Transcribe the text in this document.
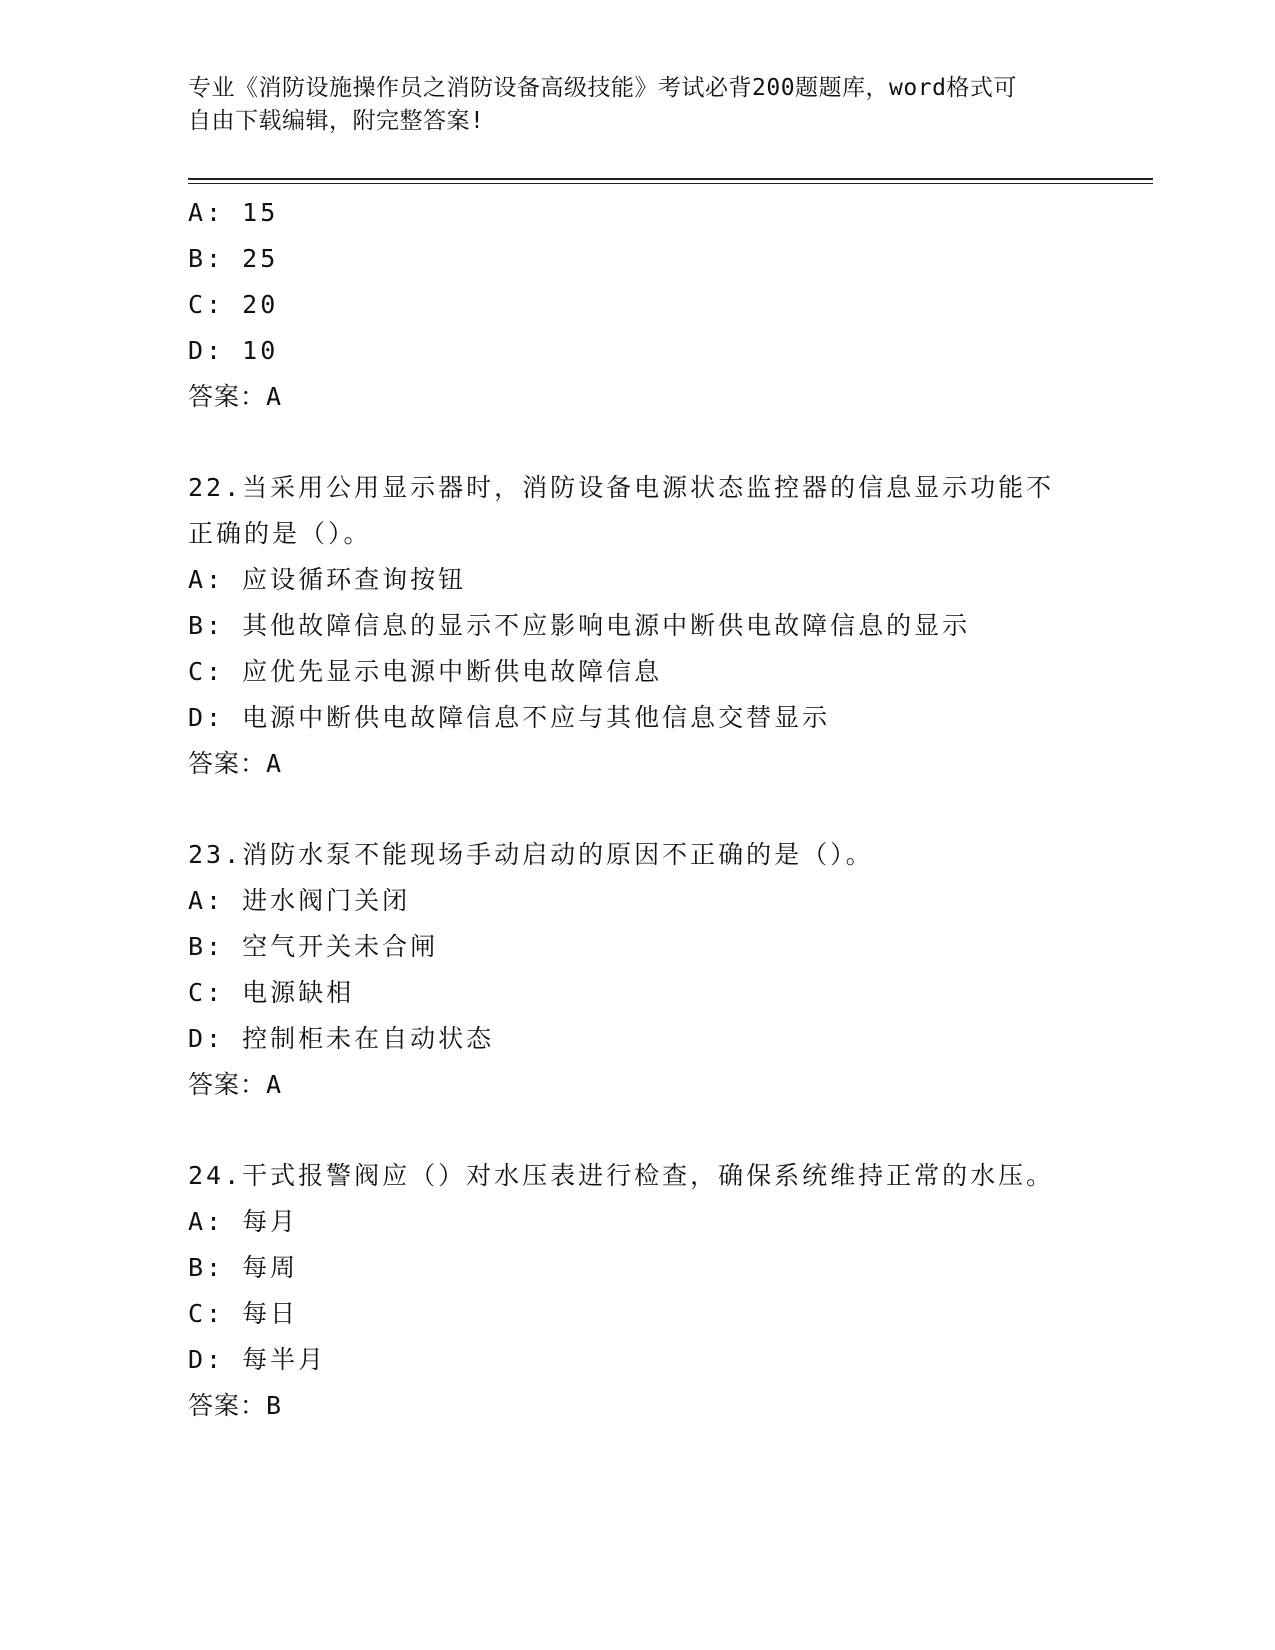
专业《消防设施操作员之消防设备高级技能》考试必背200题题库，word格式可
自由下载编辑，附完整答案!
A: 15
B: 25
C: 20
D: 10
答案：A
22.当采用公用显示器时，消防设备电源状态监控器的信息显示功能不
正确的是（）。
A: 应设循环查询按钮
B: 其他故障信息的显示不应影响电源中断供电故障信息的显示
C: 应优先显示电源中断供电故障信息
D: 电源中断供电故障信息不应与其他信息交替显示
答案：A
23.消防水泵不能现场手动启动的原因不正确的是（）。
A: 进水阀门关闭
B: 空气开关未合闸
C: 电源缺相
D: 控制柜未在自动状态
答案：A
24.干式报警阀应（）对水压表进行检查，确保系统维持正常的水压。
A: 每月
B: 每周
C: 每日
D: 每半月
答案：B
